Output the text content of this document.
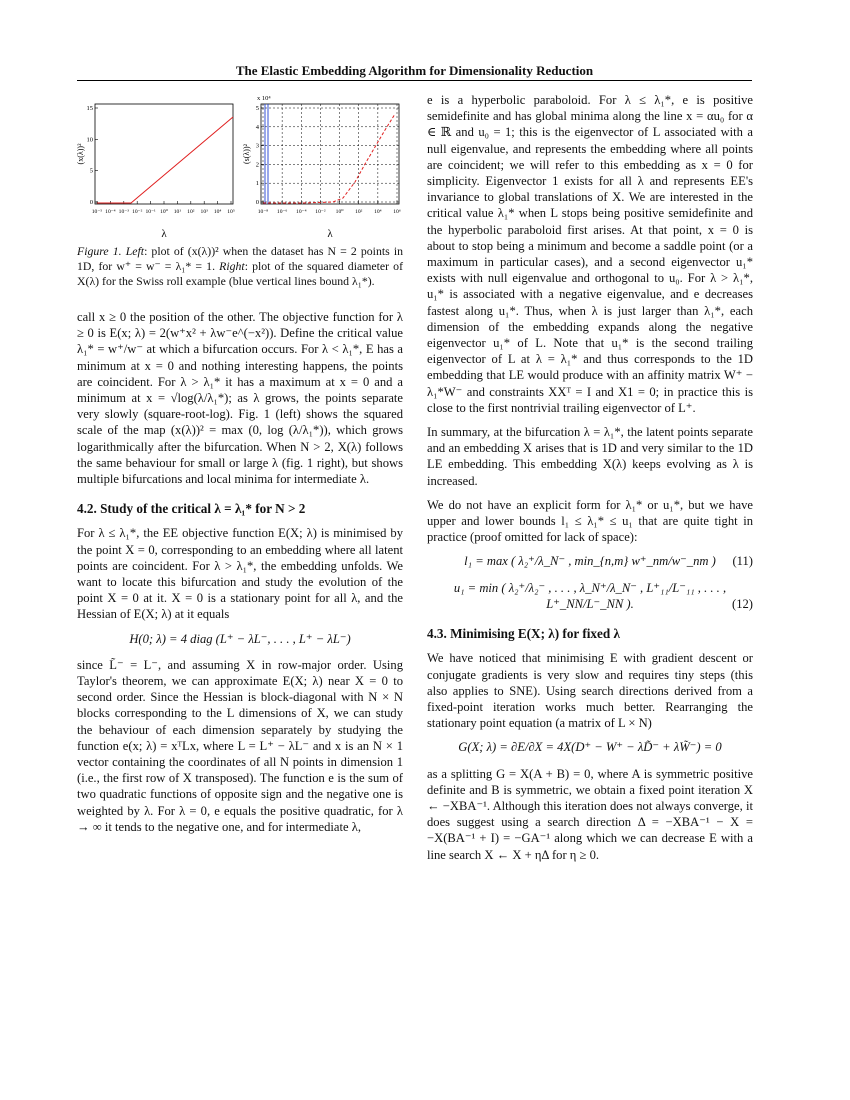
The Elastic Embedding Algorithm for Dimensionality Reduction
10⁻⁵ 10⁻⁴ 10⁻³ 10⁻² 10⁻¹ 10⁰ 10¹ 10² 10³ 10⁴ 10⁵
0
5
10
15
(x(λ))²
λ
10⁻⁸ 10⁻⁶ 10⁻⁴ 10⁻² 10⁰ 10² 10⁴ 10⁶
0
1
2
3
4
5
x 10⁴
(s(λ))²
λ
Figure 1. Left: plot of (x(λ))² when the dataset has N = 2 points in 1D, for w⁺ = w⁻ = λ₁* = 1. Right: plot of the squared diameter of X(λ) for the Swiss roll example (blue vertical lines bound λ₁*).

call x ≥ 0 the position of the other. The objective function for λ ≥ 0 is E(x; λ) = 2(w⁺x² + λw⁻e^(−x²)). Define the critical value λ₁* = w⁺/w⁻ at which a bifurcation occurs. For λ < λ₁*, E has a minimum at x = 0 and nothing interesting happens, the points are coincident. For λ > λ₁* it has a maximum at x = 0 and a minimum at x = √log(λ/λ₁*); as λ grows, the points separate very slowly (square-root-log). Fig. 1 (left) shows the squared scale of the map (x(λ))² = max (0, log (λ/λ₁*)), which grows logarithmically after the bifurcation. When N > 2, X(λ) follows the same behaviour for small or large λ (fig. 1 right), but shows multiple bifurcations and local minima for intermediate λ.

4.2. Study of the critical λ = λ₁* for N > 2

For λ ≤ λ₁*, the EE objective function E(X; λ) is minimised by the point X = 0, corresponding to an embedding where all latent points are coincident. For λ > λ₁*, the embedding unfolds. We want to locate this bifurcation and study the evolution of the point X = 0 at it. X = 0 is a stationary point for all λ, and the Hessian of E(X; λ) at it equals

H(0; λ) = 4 diag (L⁺ − λL⁻, . . . , L⁺ − λL⁻)

since L̃⁻ = L⁻, and assuming X in row-major order. Using Taylor's theorem, we can approximate E(X; λ) near X = 0 to second order. Since the Hessian is block-diagonal with N × N blocks corresponding to the L dimensions of X, we can study the behaviour of each dimension separately by studying the function e(x; λ) = xᵀLx, where L = L⁺ − λL⁻ and x is an N × 1 vector containing the coordinates of all N points in dimension 1 (i.e., the first row of X transposed). The function e is the sum of two quadratic functions of opposite sign and the negative one is weighted by λ. For λ = 0, e equals the positive quadratic, for λ → ∞ it tends to the negative one, and for intermediate λ,

e is a hyperbolic paraboloid. For λ ≤ λ₁*, e is positive semidefinite and has global minima along the line x = αu₀ for α ∈ ℝ and u₀ = 1; this is the eigenvector of L associated with a null eigenvalue, and represents the embedding where all points are coincident; we will refer to this embedding as x = 0 for simplicity. Eigenvector 1 exists for all λ and represents EE's invariance to global translations of X. We are interested in the critical value λ₁* when L stops being positive semidefinite and the hyperbolic paraboloid first arises. At that point, x = 0 is about to stop being a minimum and become a saddle point (or a maximum in particular cases), and a second eigenvector u₁* exists with null eigenvalue and orthogonal to u₀. For λ > λ₁*, u₁* is associated with a negative eigenvalue, and e decreases fastest along u₁*. Thus, when λ is just larger than λ₁*, each dimension of the embedding expands along the negative eigenvector u₁* of L. Note that u₁* is the second trailing eigenvector of L at λ = λ₁* and thus corresponds to the 1D embedding that LE would produce with an affinity matrix W⁺ − λ₁*W⁻ and constraints XXᵀ = I and X1 = 0; in practice this is close to the first nontrivial trailing eigenvector of L⁺.

In summary, at the bifurcation λ = λ₁*, the latent points separate and an embedding X arises that is 1D and very similar to the 1D LE embedding. This embedding X(λ) keeps evolving as λ is increased.

We do not have an explicit form for λ₁* or u₁*, but we have upper and lower bounds l₁ ≤ λ₁* ≤ u₁ that are quite tight in practice (proof omitted for lack of space):

l₁ = max ( λ₂⁺/λ_N⁻ , min_{n,m} w⁺_nm/w⁻_nm ) (11)
u₁ = min ( λ₂⁺/λ₂⁻ , . . . , λ_N⁺/λ_N⁻ , L⁺₁₁/L⁻₁₁ , . . . , L⁺_NN/L⁻_NN ).	(12)
4.3. Minimising E(X; λ) for fixed λ

We have noticed that minimising E with gradient descent or conjugate gradients is very slow and requires tiny steps (this also applies to SNE). Using search directions derived from a fixed-point iteration works much better. Rearranging the stationary point equation (a matrix of L × N)

G(X; λ) = ∂E/∂X = 4X(D⁺ − W⁺ − λD̃⁻ + λW̃⁻) = 0

as a splitting G = X(A + B) = 0, where A is symmetric positive definite and B is symmetric, we obtain a fixed point iteration X ← −XBA⁻¹. Although this iteration does not always converge, it does suggest using a search direction Δ = −XBA⁻¹ − X = −X(BA⁻¹ + I) = −GA⁻¹ along which we can decrease E with a line search X ← X + ηΔ for η ≥ 0.
